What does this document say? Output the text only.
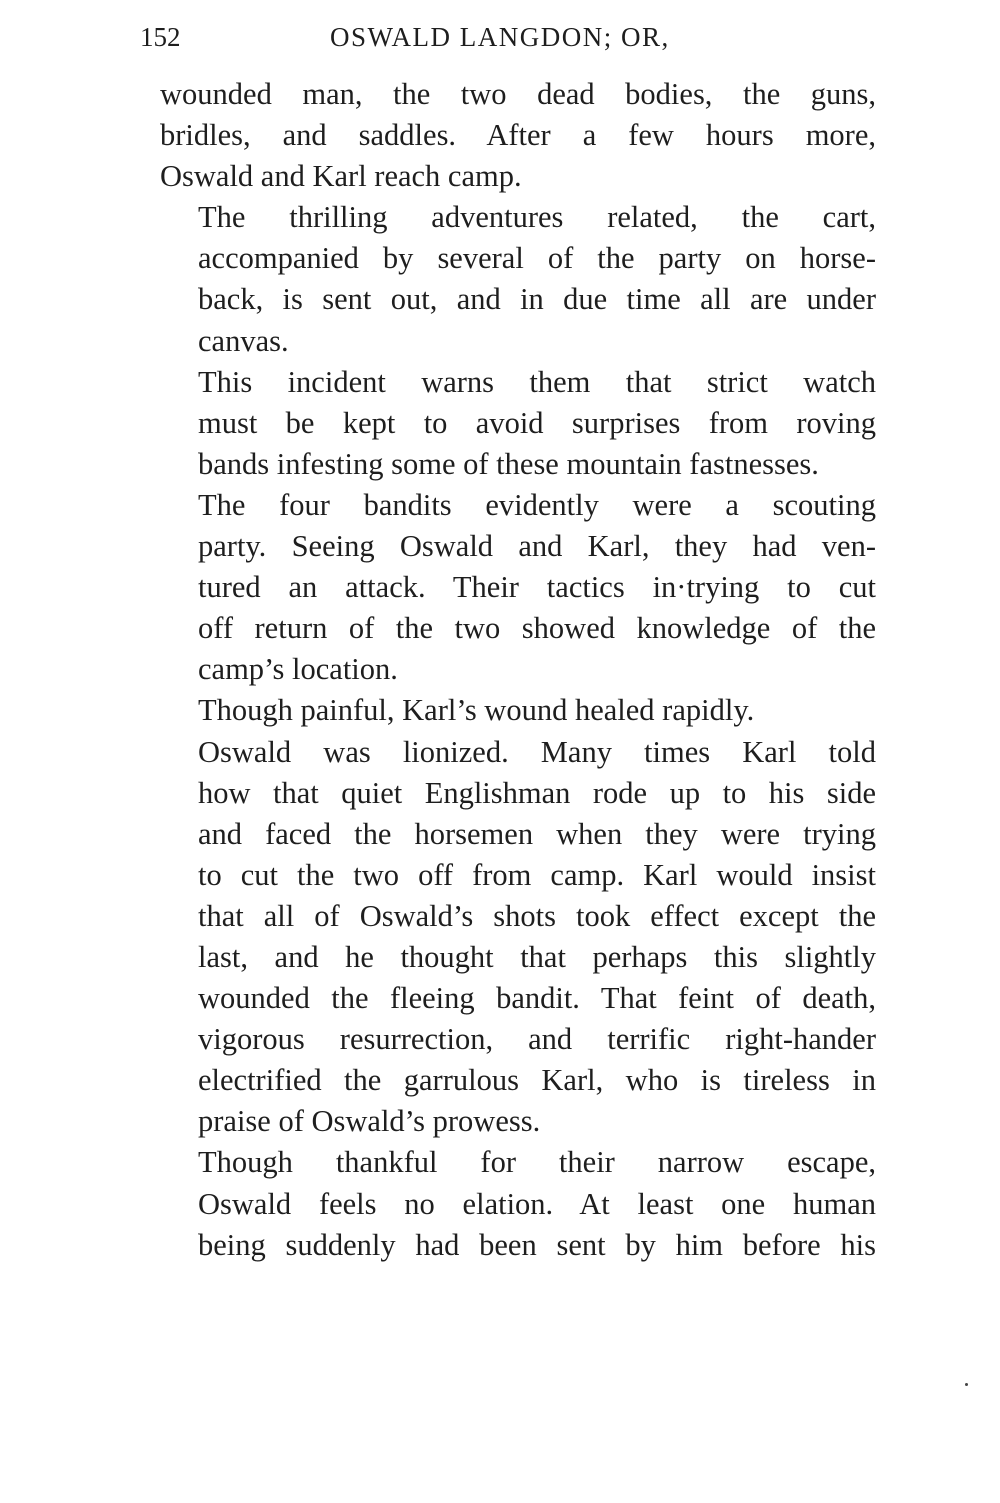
152	OSWALD LANGDON; OR,

wounded man, the two dead bodies, the guns,
bridles, and saddles. After a few hours more,
Oswald and Karl reach camp.

The thrilling adventures related, the cart,
accompanied by several of the party on horse-
back, is sent out, and in due time all are under
canvas.

This incident warns them that strict watch
must be kept to avoid surprises from roving
bands infesting some of these mountain fastnesses.

The four bandits evidently were a scouting
party. Seeing Oswald and Karl, they had ven-
tured an attack. Their tactics in·trying to cut
off return of the two showed knowledge of the
camp’s location.

Though painful, Karl’s wound healed rapidly.

Oswald was lionized. Many times Karl told
how that quiet Englishman rode up to his side
and faced the horsemen when they were trying
to cut the two off from camp. Karl would insist
that all of Oswald’s shots took effect except the
last, and he thought that perhaps this slightly
wounded the fleeing bandit. That feint of death,
vigorous resurrection, and terrific right-hander
electrified the garrulous Karl, who is tireless in
praise of Oswald’s prowess.

Though thankful for their narrow escape,
Oswald feels no elation. At least one human
being suddenly had been sent by him before his
